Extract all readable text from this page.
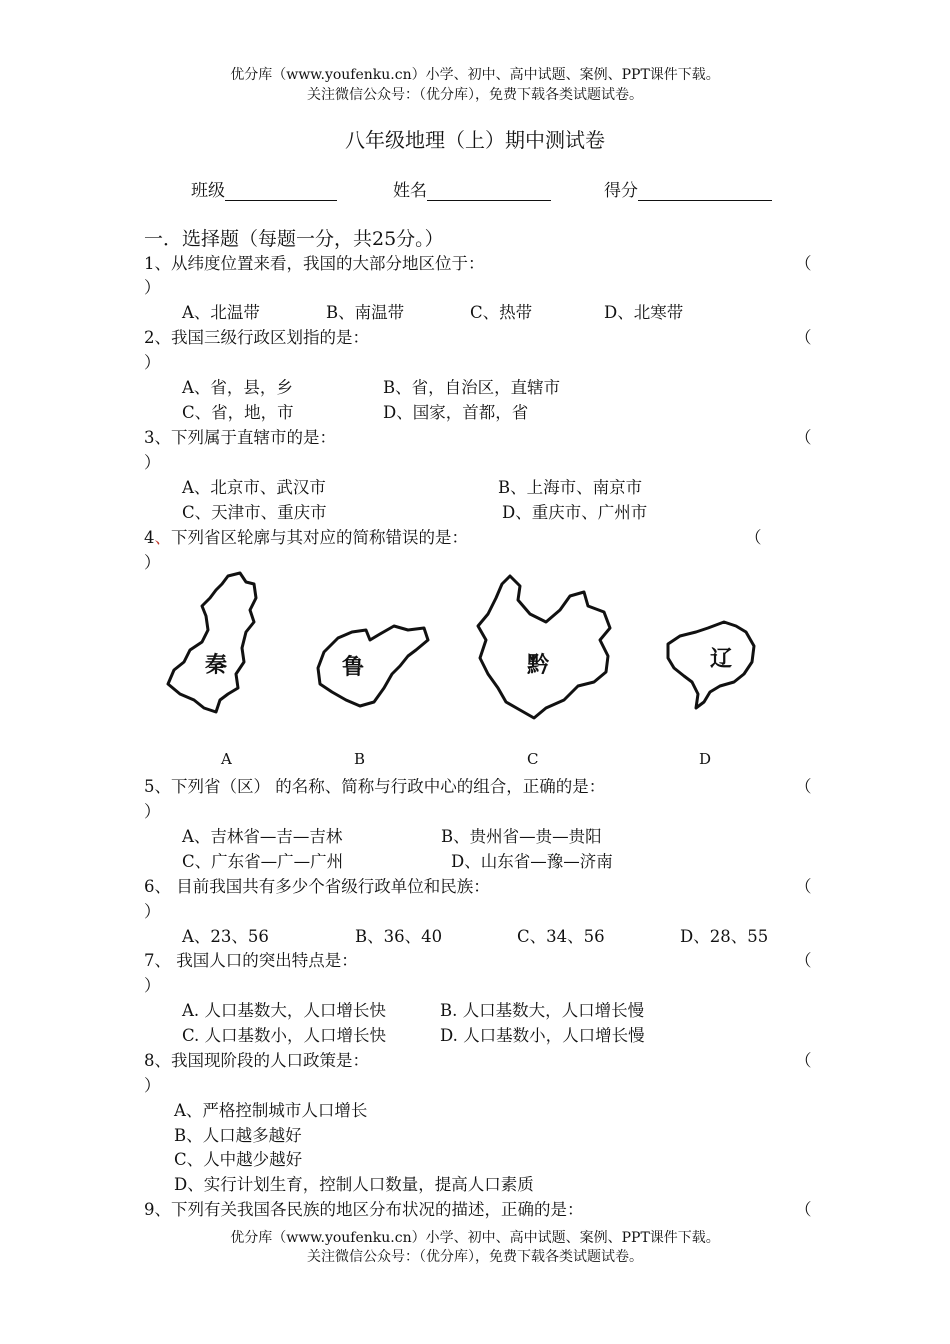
优分库（www.youfenku.cn）小学、初中、高中试题、案例、PPT课件下载。
关注微信公众号：（优分库），免费下载各类试题试卷。
八年级地理（上）期中测试卷
班级	姓名	得分
一．选择题（每题一分，共25分。）
1、从纬度位置来看，我国的大部分地区位于：	（
）
A、北温带	B、南温带	C、热带	D、北寒带
2、我国三级行政区划指的是：	（
）
A、省，县，乡	B、省，自治区，直辖市
C、省，地，市	D、国家，首都，省
3、下列属于直辖市的是：	（
）
A、北京市、武汉市	B、上海市、南京市
C、天津市、重庆市	D、重庆市、广州市
4、下列省区轮廓与其对应的简称错误的是：	（
）
秦	鲁	黔	辽
A	B	C	D
5、下列省（区） 的名称、简称与行政中心的组合，正确的是：	（
）
A、吉林省—吉—吉林	B、贵州省—贵—贵阳
C、广东省—广—广州	D、山东省—豫—济南
6、 目前我国共有多少个省级行政单位和民族：	（
）
A、23、56	B、36、40	C、34、56	D、28、55
7、 我国人口的突出特点是：	（
）
A. 人口基数大，人口增长快	B. 人口基数大，人口增长慢
C. 人口基数小，人口增长快	D. 人口基数小，人口增长慢
8、我国现阶段的人口政策是：	（
）
A、严格控制城市人口增长
B、人口越多越好
C、人中越少越好
D、实行计划生育，控制人口数量，提高人口素质
9、下列有关我国各民族的地区分布状况的描述，正确的是：	（
优分库（www.youfenku.cn）小学、初中、高中试题、案例、PPT课件下载。
关注微信公众号：（优分库），免费下载各类试题试卷。
